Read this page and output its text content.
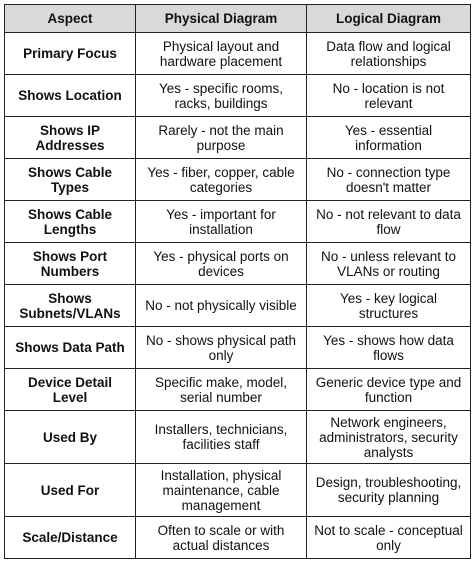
Aspect	Physical Diagram	Logical Diagram
Primary Focus	Physical layout and hardware placement	Data flow and logical relationships
Shows Location	Yes - specific rooms, racks, buildings	No - location is not relevant
Shows IP Addresses	Rarely - not the main purpose	Yes - essential information
Shows Cable Types	Yes - fiber, copper, cable categories	No - connection type doesn't matter
Shows Cable Lengths	Yes - important for installation	No - not relevant to data flow
Shows Port Numbers	Yes - physical ports on devices	No - unless relevant to VLANs or routing
Shows Subnets/VLANs	No - not physically visible	Yes - key logical structures
Shows Data Path	No - shows physical path only	Yes - shows how data flows
Device Detail Level	Specific make, model, serial number	Generic device type and function
Used By	Installers, technicians, facilities staff	Network engineers, administrators, security analysts
Used For	Installation, physical maintenance, cable management	Design, troubleshooting, security planning
Scale/Distance	Often to scale or with actual distances	Not to scale - conceptual only
